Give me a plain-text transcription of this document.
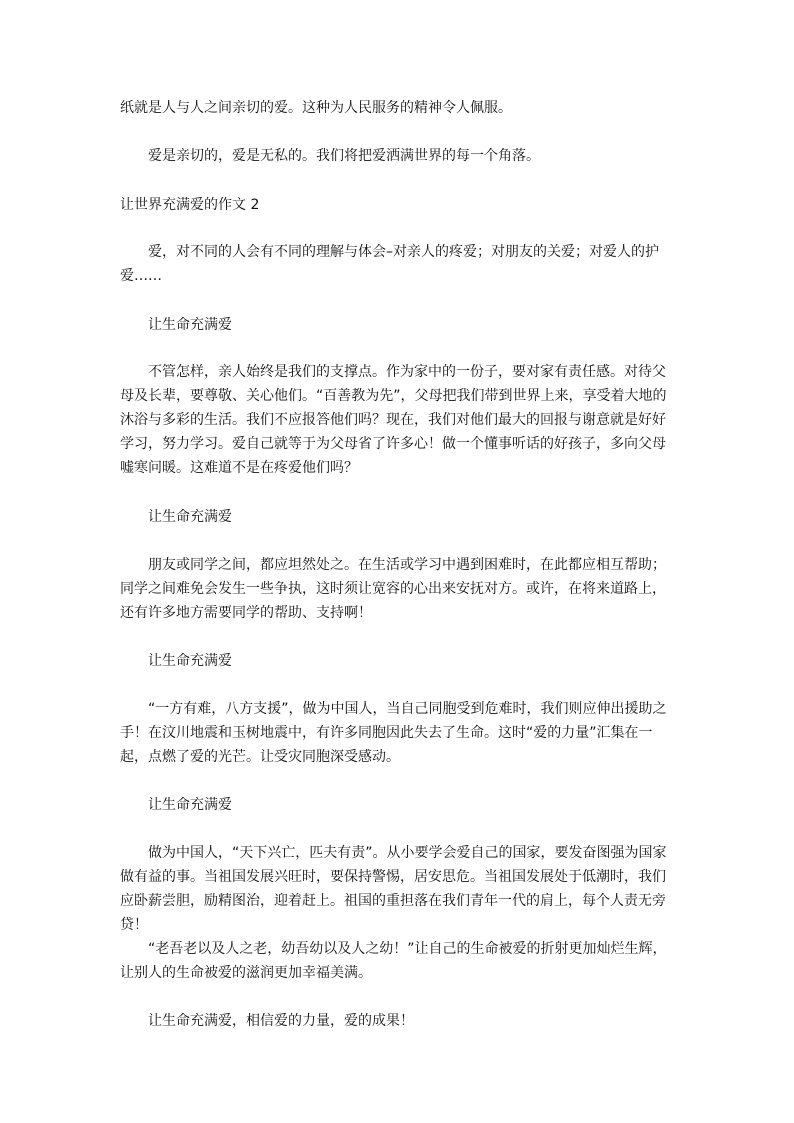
纸就是人与人之间亲切的爱。这种为人民服务的精神令人佩服。

爱是亲切的，爱是无私的。我们将把爱洒满世界的每一个角落。

让世界充满爱的作文 2

爱，对不同的人会有不同的理解与体会–对亲人的疼爱；对朋友的关爱；对爱人的护爱……

让生命充满爱

不管怎样，亲人始终是我们的支撑点。作为家中的一份子，要对家有责任感。对待父母及长辈，要尊敬、关心他们。“百善教为先”，父母把我们带到世界上来，享受着大地的沐浴与多彩的生活。我们不应报答他们吗？现在，我们对他们最大的回报与谢意就是好好学习，努力学习。爱自己就等于为父母省了许多心！做一个懂事听话的好孩子，多向父母嘘寒问暖。这难道不是在疼爱他们吗？

让生命充满爱

朋友或同学之间，都应坦然处之。在生活或学习中遇到困难时，在此都应相互帮助；同学之间难免会发生一些争执，这时须让宽容的心出来安抚对方。或许，在将来道路上，还有许多地方需要同学的帮助、支持啊！

让生命充满爱

“一方有难，八方支援”，做为中国人，当自己同胞受到危难时，我们则应伸出援助之手！在汶川地震和玉树地震中，有许多同胞因此失去了生命。这时“爱的力量”汇集在一起，点燃了爱的光芒。让受灾同胞深受感动。

让生命充满爱

做为中国人，“天下兴亡，匹夫有责”。从小要学会爱自己的国家，要发奋图强为国家做有益的事。当祖国发展兴旺时，要保持警惕，居安思危。当祖国发展处于低潮时，我们应卧薪尝胆，励精图治，迎着赶上。祖国的重担落在我们青年一代的肩上，每个人责无旁贷！

“老吾老以及人之老，幼吾幼以及人之幼！”让自己的生命被爱的折射更加灿烂生辉，让别人的生命被爱的滋润更加幸福美满。

让生命充满爱，相信爱的力量，爱的成果！
